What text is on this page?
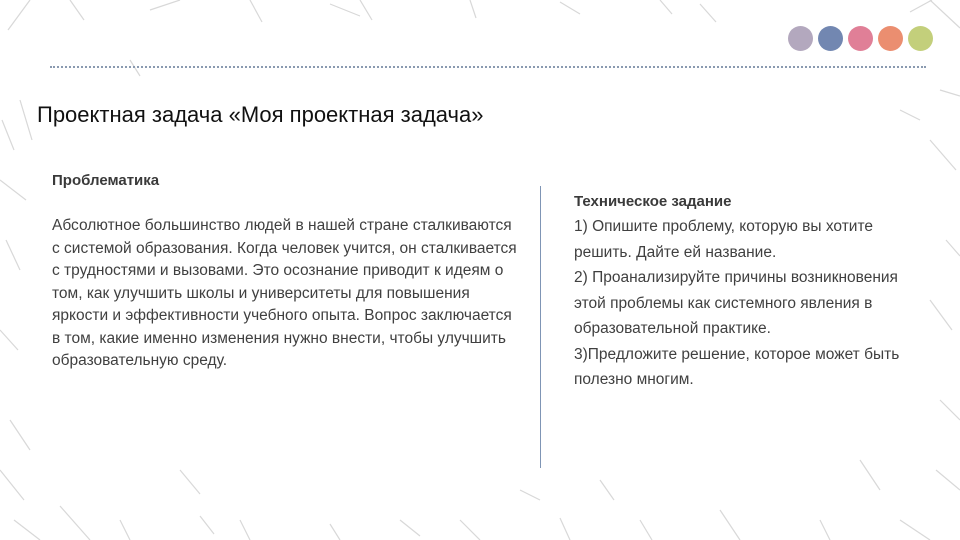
Проектная задача «Моя проектная задача»
Проблематика
Абсолютное большинство людей в нашей стране сталкиваются с системой образования. Когда человек учится, он сталкивается с трудностями и вызовами. Это осознание приводит к идеям о том, как улучшить школы и университеты для повышения яркости и эффективности учебного опыта. Вопрос заключается в том, какие именно изменения нужно внести, чтобы улучшить образовательную среду.
Техническое задание
1) Опишите проблему, которую вы хотите решить. Дайте ей название.
2) Проанализируйте причины возникновения этой проблемы как системного явления в образовательной практике.
3)Предложите решение, которое может быть полезно многим.
